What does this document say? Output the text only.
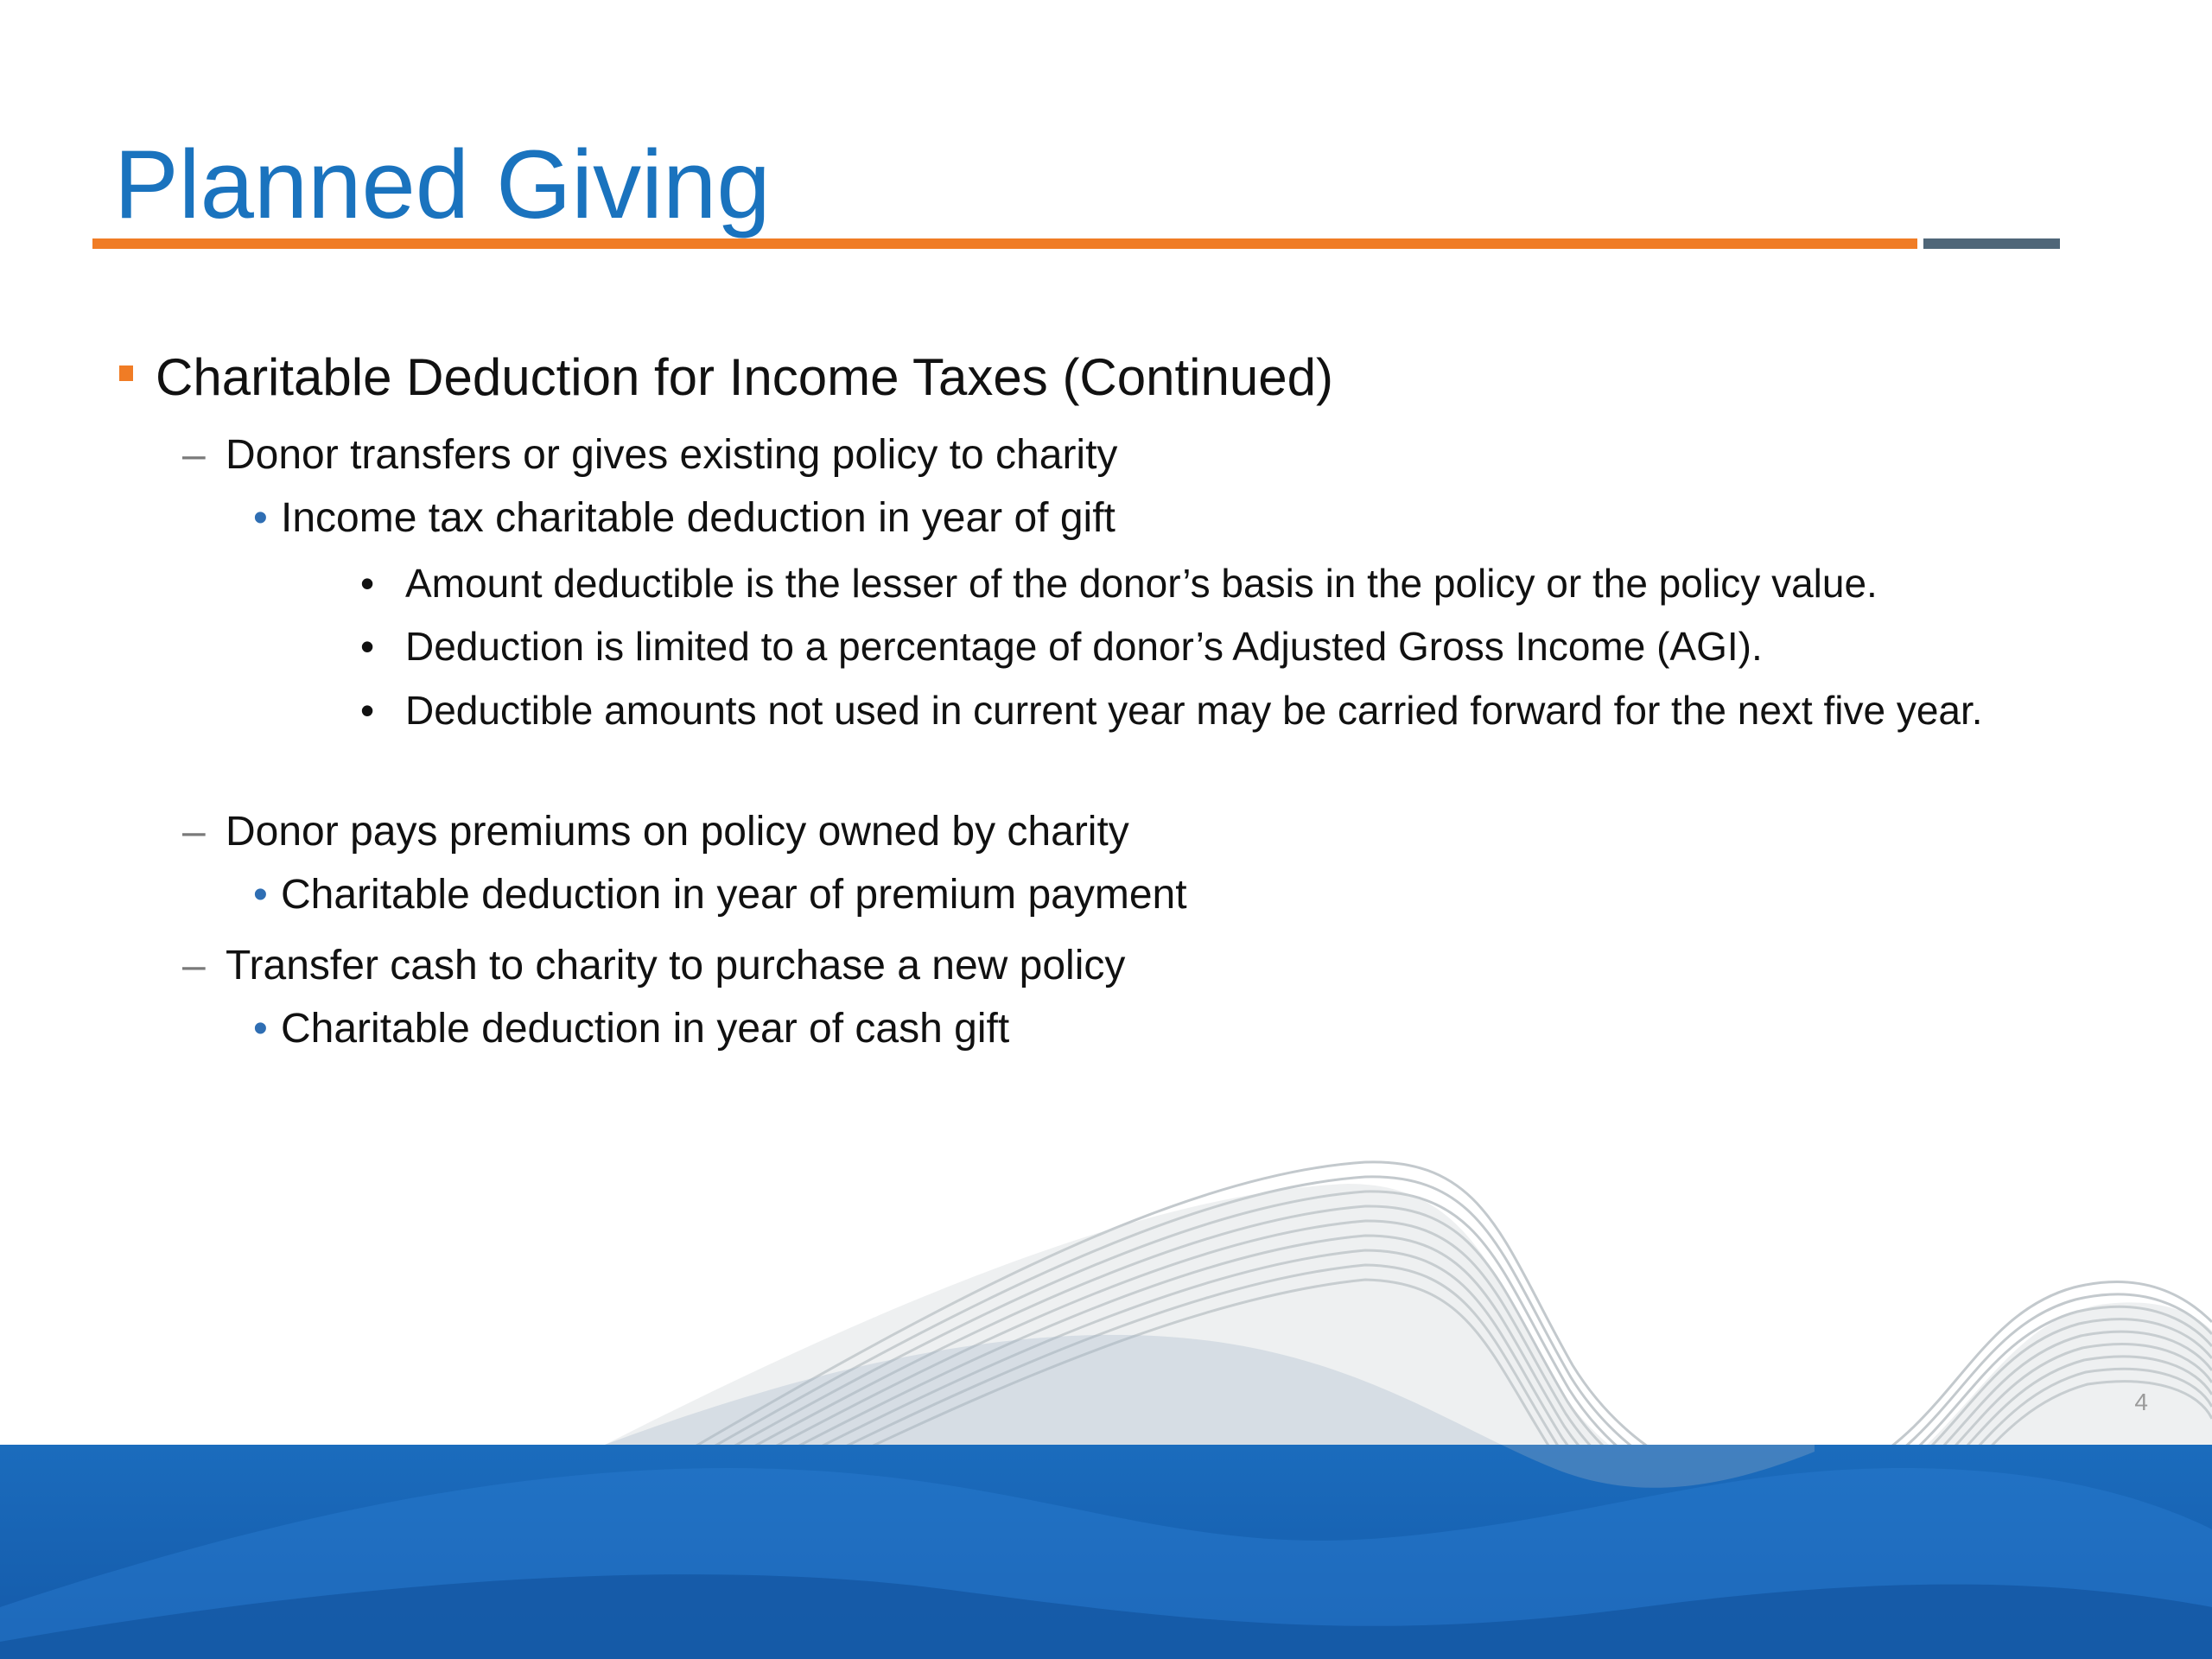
Planned Giving
Charitable Deduction for Income Taxes (Continued)
– Donor transfers or gives existing policy to charity
• Income tax charitable deduction in year of gift
• Amount deductible is the lesser of the donor’s basis in the policy or the policy value.
• Deduction is limited to a percentage of donor’s Adjusted Gross Income (AGI).
• Deductible amounts not used in current year may be carried forward for the next five year.
– Donor pays premiums on policy owned by charity
• Charitable deduction in year of premium payment
– Transfer cash to charity to purchase a new policy
• Charitable deduction in year of cash gift
4
